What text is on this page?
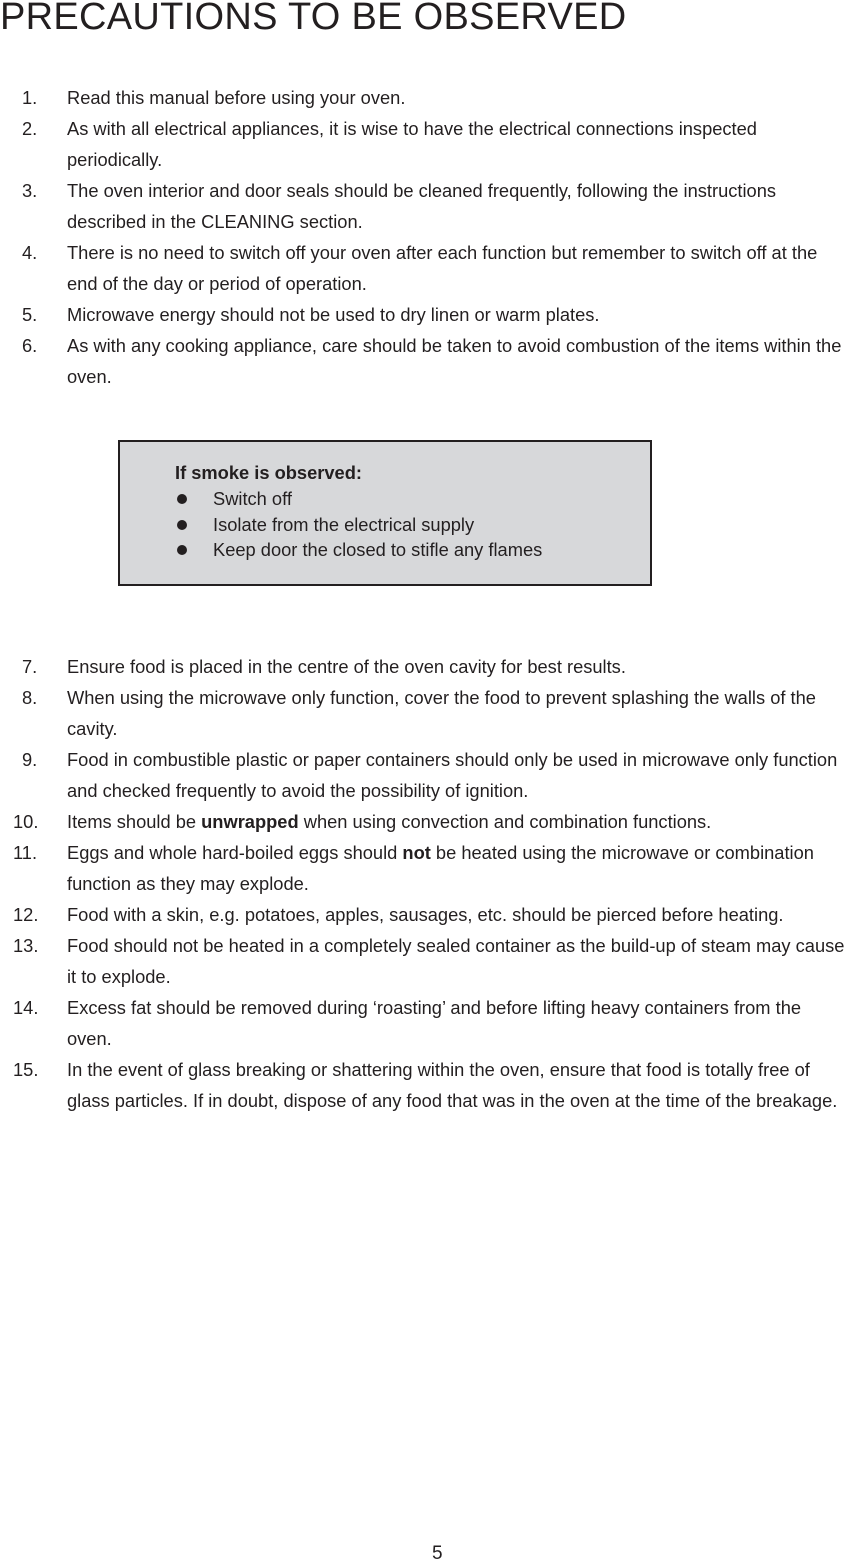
PRECAUTIONS TO BE OBSERVED
1. Read this manual before using your oven.
2. As with all electrical appliances, it is wise to have the electrical connections inspected periodically.
3. The oven interior and door seals should be cleaned frequently, following the instructions described in the CLEANING section.
4. There is no need to switch off your oven after each function but remember to switch off at the end of the day or period of operation.
5. Microwave energy should not be used to dry linen or warm plates.
6. As with any cooking appliance, care should be taken to avoid combustion of the items within the oven.

If smoke is observed:

Switch off
Isolate from the electrical supply
Keep door the closed to stifle any flames
7. Ensure food is placed in the centre of the oven cavity for best results.
8. When using the microwave only function, cover the food to prevent splashing the walls of the cavity.
9. Food in combustible plastic or paper containers should only be used in microwave only function and checked frequently to avoid the possibility of ignition.
10. Items should be unwrapped when using convection and combination functions.
11. Eggs and whole hard-boiled eggs should not be heated using the microwave or combination function as they may explode.
12. Food with a skin, e.g. potatoes, apples, sausages, etc. should be pierced before heating.
13. Food should not be heated in a completely sealed container as the build-up of steam may cause it to explode.
14. Excess fat should be removed during ‘roasting’ and before lifting heavy containers from the oven.
15. In the event of glass breaking or shattering within the oven, ensure that food is totally free of glass particles. If in doubt, dispose of any food that was in the oven at the time of the breakage.
5
